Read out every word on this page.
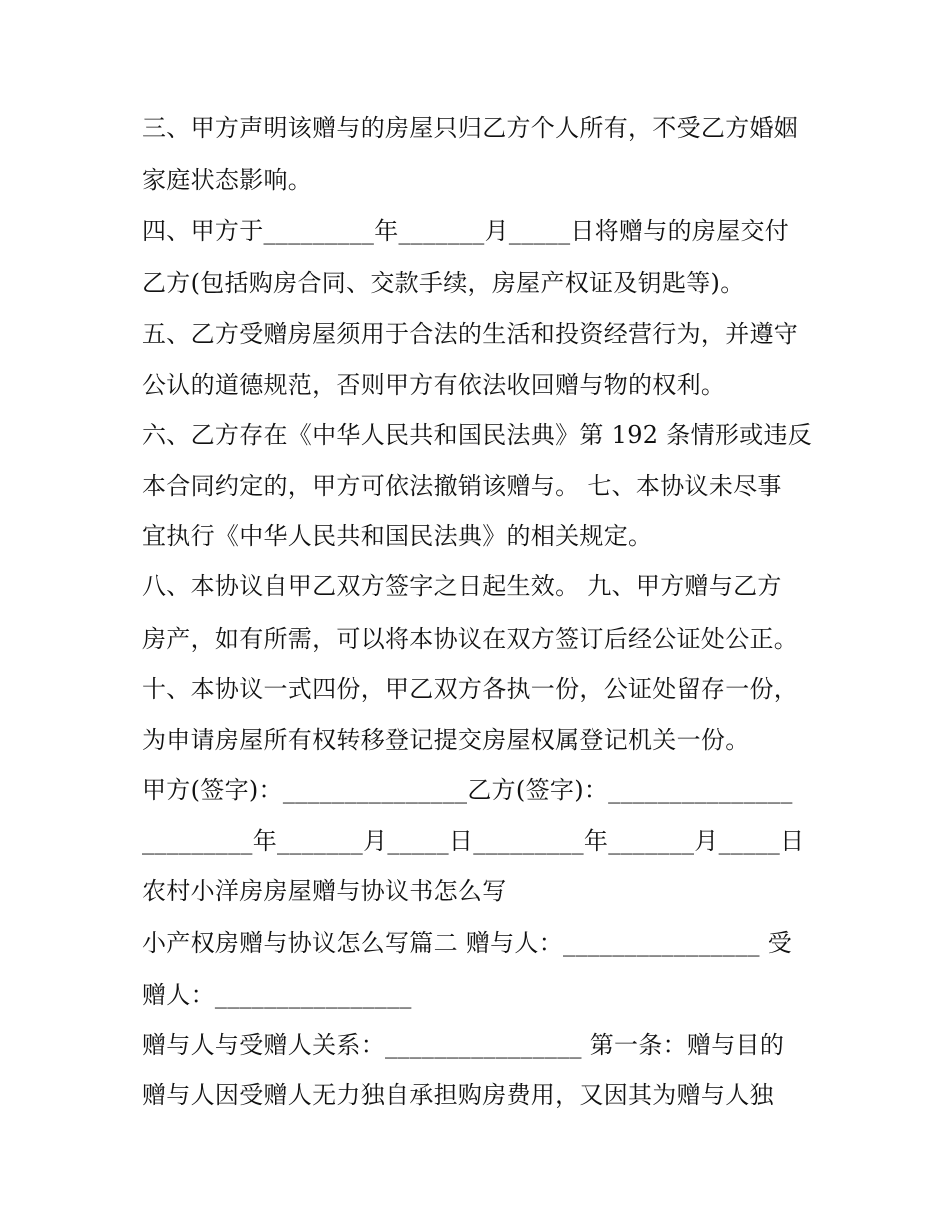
三、甲方声明该赠与的房屋只归乙方个人所有，不受乙方婚姻
家庭状态影响。
四、甲方于_________年_______月_____日将赠与的房屋交付
乙方(包括购房合同、交款手续，房屋产权证及钥匙等)。
五、乙方受赠房屋须用于合法的生活和投资经营行为，并遵守
公认的道德规范，否则甲方有依法收回赠与物的权利。
六、乙方存在《中华人民共和国民法典》第 192 条情形或违反
本合同约定的，甲方可依法撤销该赠与。 七、本协议未尽事
宜执行《中华人民共和国民法典》的相关规定。
八、本协议自甲乙双方签字之日起生效。 九、甲方赠与乙方
房产，如有所需，可以将本协议在双方签订后经公证处公正。
十、本协议一式四份，甲乙双方各执一份，公证处留存一份，
为申请房屋所有权转移登记提交房屋权属登记机关一份。
甲方(签字)：_______________乙方(签字)：_______________
_________年_______月_____日_________年_______月_____日
农村小洋房房屋赠与协议书怎么写
小产权房赠与协议怎么写篇二 赠与人：________________ 受
赠人：________________
赠与人与受赠人关系：________________ 第一条：赠与目的
赠与人因受赠人无力独自承担购房费用，又因其为赠与人独
